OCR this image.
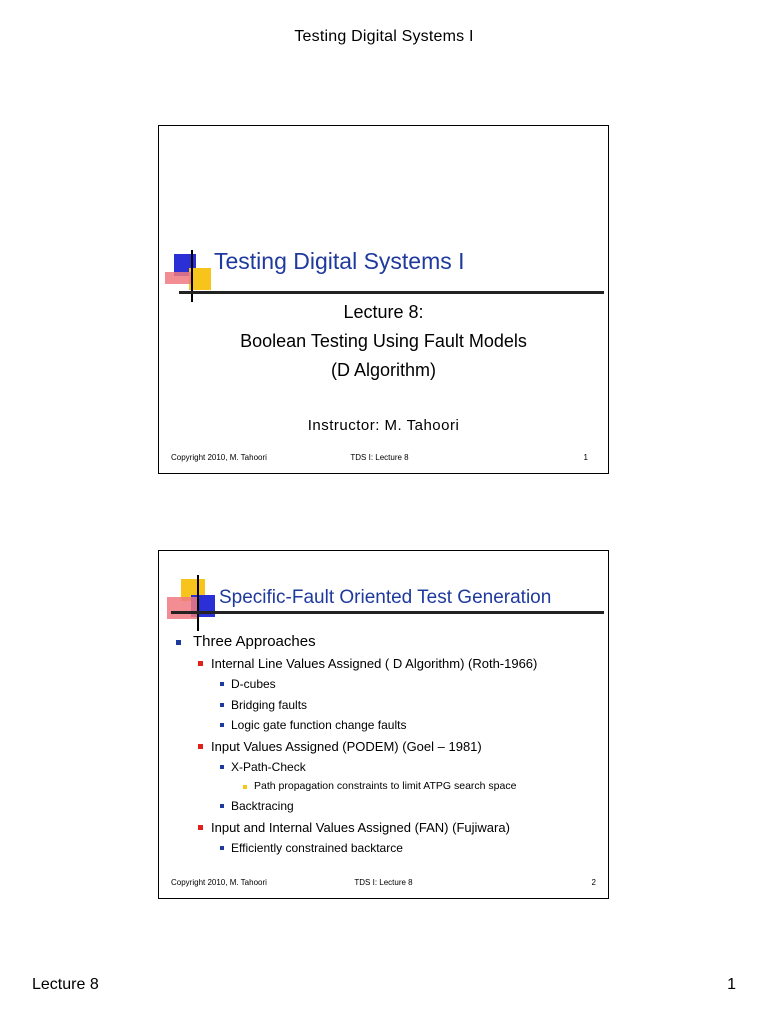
Testing Digital Systems I
Testing Digital Systems I
Lecture 8:
Boolean Testing Using Fault Models
(D Algorithm)
Instructor: M. Tahoori
Copyright 2010, M. Tahoori	TDS I: Lecture 8	1
Specific-Fault Oriented Test Generation
Three Approaches
Internal Line Values Assigned ( D Algorithm) (Roth-1966)
D-cubes
Bridging faults
Logic gate function change faults
Input Values Assigned (PODEM) (Goel – 1981)
X-Path-Check
Path propagation constraints to limit ATPG search space
Backtracing
Input and Internal Values Assigned (FAN) (Fujiwara)
Efficiently constrained backtarce
Copyright 2010, M. Tahoori	TDS I: Lecture 8	2
Lecture 8	1
